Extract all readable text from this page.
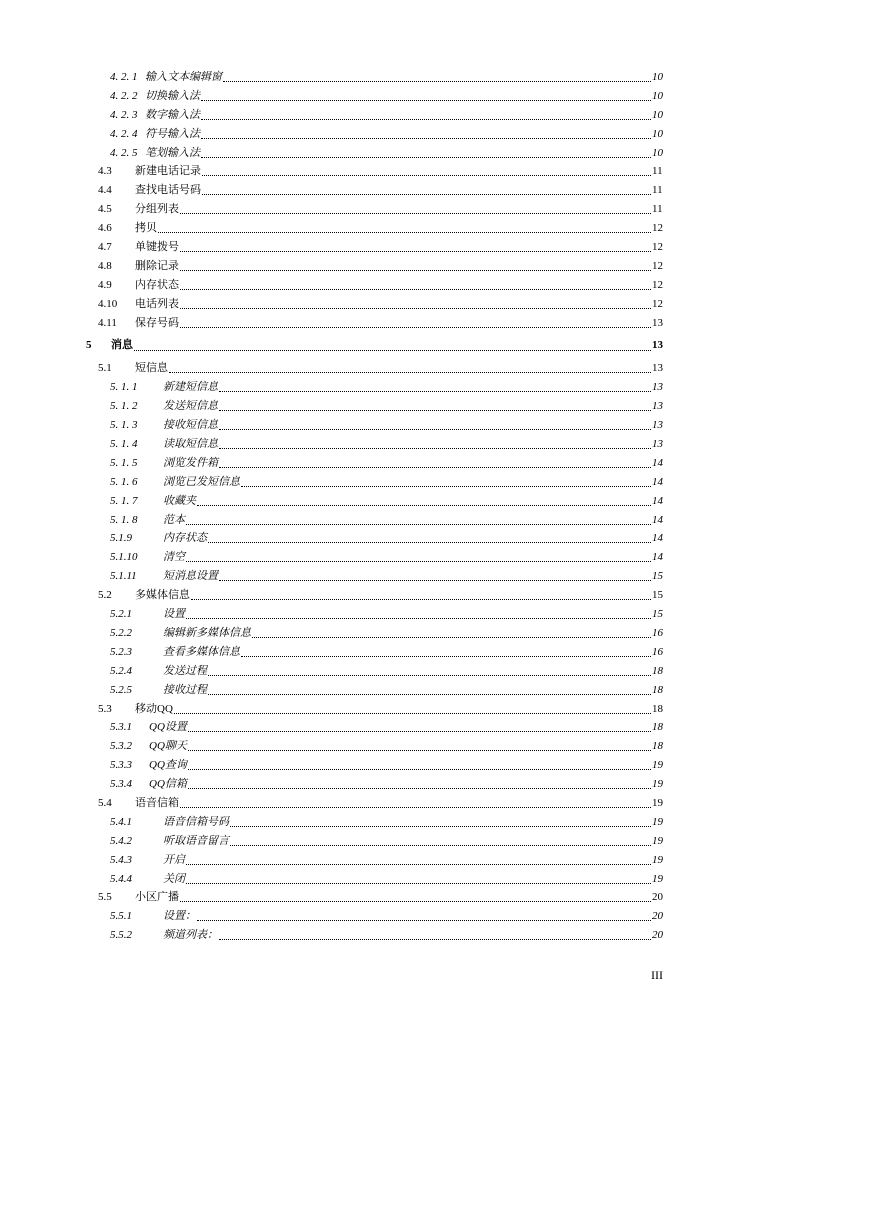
4. 2. 1 输入文本编辑窗	10
4. 2. 2 切换输入法	10
4. 2. 3 数字输入法	10
4. 2. 4 符号输入法	10
4. 2. 5 笔划输入法	10
4.3 新建电话记录	11
4.4 查找电话号码	11
4.5 分组列表	11
4.6 拷贝	12
4.7 单键拨号	12
4.8 删除记录	12
4.9 内存状态	12
4.10 电话列表	12
4.11 保存号码	13
5 消息	13
5.1 短信息	13
5. 1. 1 新建短信息	13
5. 1. 2 发送短信息	13
5. 1. 3 接收短信息	13
5. 1. 4 读取短信息	13
5. 1. 5 浏览发件箱	14
5. 1. 6 浏览已发短信息	14
5. 1. 7 收藏夹	14
5. 1. 8 范本	14
5.1.9	内存状态	14
5.1.10 清空	14
5.1.11 短消息设置	15
5.2 多媒体信息	15
5.2.1	设置	15
5.2.2	编辑新多媒体信息	16
5.2.3	查看多媒体信息	16
5.2.4	发送过程	18
5.2.5	接收过程	18
5.3 移动QQ	18
5.3.1 QQ设置	18
5.3.2 QQ聊天	18
5.3.3 QQ查询	19
5.3.4 QQ信箱	19
5.4 语音信箱	19
5.4.1	语音信箱号码	19
5.4.2	听取语音留言	19
5.4.3	开启	19
5.4.4	关闭	19
5.5 小区广播	20
5.5.1	设置：	20
5.5.2	频道列表：	20
III
